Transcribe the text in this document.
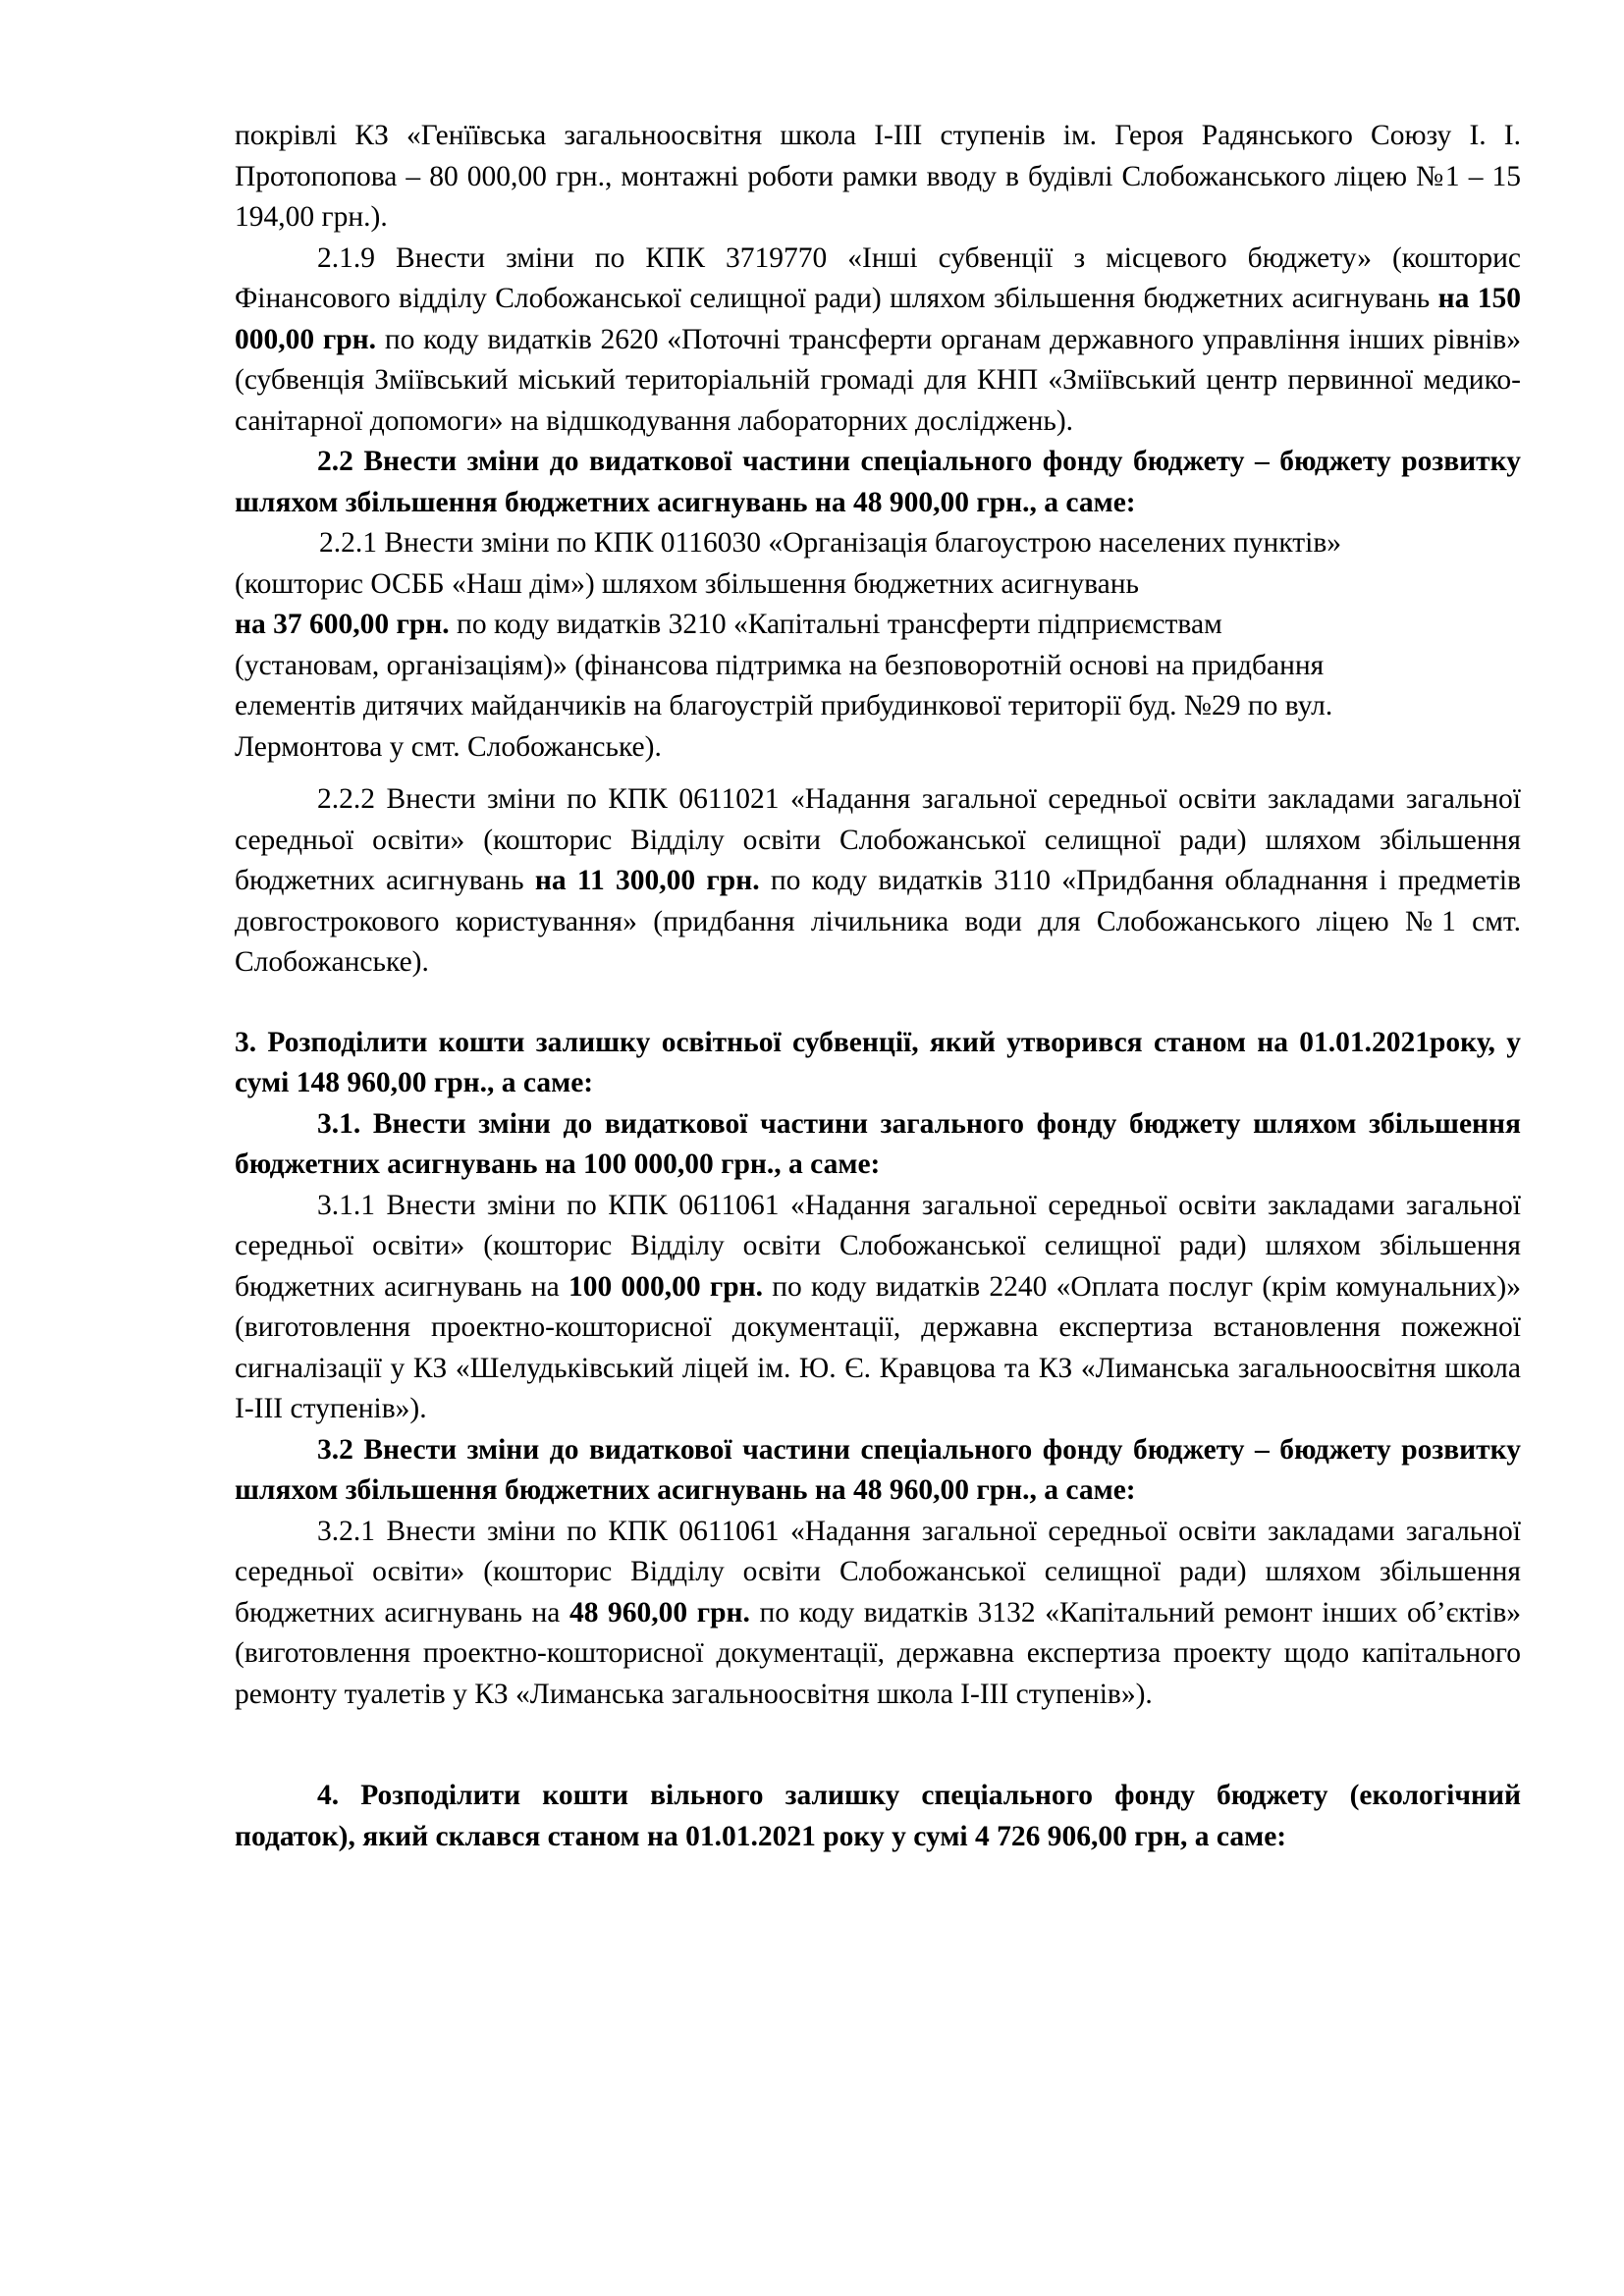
покрівлі КЗ «Генїївська загальноосвітня школа І-ІІІ ступенів ім. Героя Радянського Союзу І. І. Протопопова – 80 000,00 грн., монтажні роботи рамки вводу в будівлі Слобожанського ліцею №1 – 15 194,00 грн.).

2.1.9 Внести зміни по КПК 3719770 «Інші субвенції з місцевого бюджету» (кошторис Фінансового відділу Слобожанської селищної ради) шляхом збільшення бюджетних асигнувань на 150 000,00 грн. по коду видатків 2620 «Поточні трансферти органам державного управління інших рівнів» (субвенція Зміївський міський територіальній громаді для КНП «Зміївський центр первинної медико-санітарної допомоги» на відшкодування лабораторних досліджень).

2.2 Внести зміни до видаткової частини спеціального фонду бюджету – бюджету розвитку шляхом збільшення бюджетних асигнувань на 48 900,00 грн., а саме:

2.2.1 Внести зміни по КПК 0116030 «Організація благоустрою населених пунктів»
(кошторис ОСББ «Наш дім») шляхом збільшення бюджетних асигнувань
на 37 600,00 грн. по коду видатків 3210 «Капітальні трансферти підприємствам
(установам, організаціям)» (фінансова підтримка на безповоротній основі на придбання
елементів дитячих майданчиків на благоустрій прибудинкової території буд. №29 по вул.
Лермонтова у смт. Слобожанське).

2.2.2 Внести зміни по КПК 0611021 «Надання загальної середньої освіти закладами загальної середньої освіти» (кошторис Відділу освіти Слобожанської селищної ради) шляхом збільшення бюджетних асигнувань на 11 300,00 грн. по коду видатків 3110 «Придбання обладнання і предметів довгострокового користування» (придбання лічильника води для Слобожанського ліцею №1 смт. Слобожанське).

3. Розподілити кошти залишку освітньої субвенції, який утворився станом на 01.01.2021року, у сумі 148 960,00 грн., а саме:

3.1. Внести зміни до видаткової частини загального фонду бюджету шляхом збільшення бюджетних асигнувань на 100 000,00 грн., а саме:

3.1.1 Внести зміни по КПК 0611061 «Надання загальної середньої освіти закладами загальної середньої освіти» (кошторис Відділу освіти Слобожанської селищної ради) шляхом збільшення бюджетних асигнувань на 100 000,00 грн. по коду видатків 2240 «Оплата послуг (крім комунальних)» (виготовлення проектно-кошторисної документації, державна експертиза встановлення пожежної сигналізації у КЗ «Шелудьківський ліцей ім. Ю. Є. Кравцова та КЗ «Лиманська загальноосвітня школа І-ІІІ ступенів»).

3.2 Внести зміни до видаткової частини спеціального фонду бюджету – бюджету розвитку шляхом збільшення бюджетних асигнувань на 48 960,00 грн., а саме:

3.2.1 Внести зміни по КПК 0611061 «Надання загальної середньої освіти закладами загальної середньої освіти» (кошторис Відділу освіти Слобожанської селищної ради) шляхом збільшення бюджетних асигнувань на 48 960,00 грн. по коду видатків 3132 «Капітальний ремонт інших об’єктів» (виготовлення проектно-кошторисної документації, державна експертиза проекту щодо капітального ремонту туалетів у КЗ «Лиманська загальноосвітня школа І-ІІІ ступенів»).

4. Розподілити кошти вільного залишку спеціального фонду бюджету (екологічний податок), який склався станом на 01.01.2021 року у сумі 4 726 906,00 грн, а саме:
